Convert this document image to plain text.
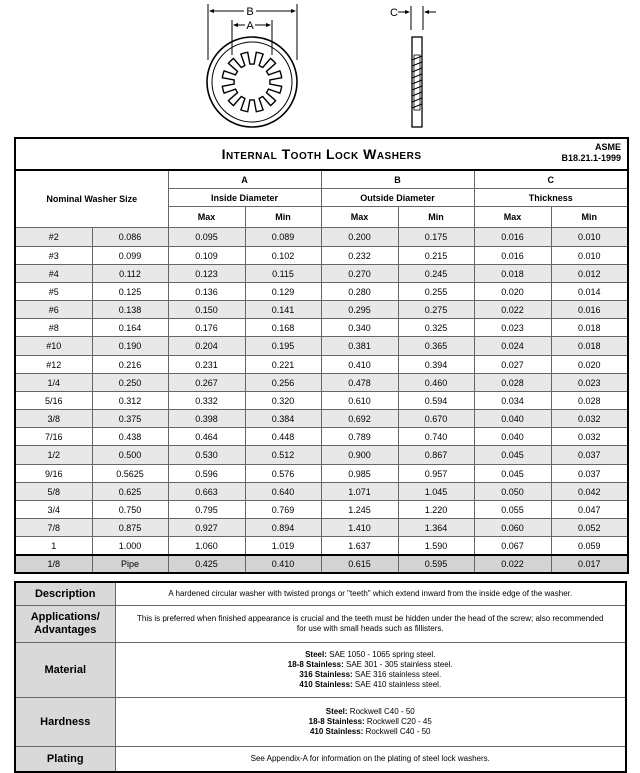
B
A
C
Internal Tooth Lock Washers ASME
B18.21.1-1999							

Nominal Washer Size		A		B		C	
		Inside Diameter		Outside Diameter		Thickness	
		Max	Min	Max	Min	Max	Min
#2	0.086	0.095	0.089	0.200	0.175	0.016	0.010
#3	0.099	0.109	0.102	0.232	0.215	0.016	0.010
#4	0.112	0.123	0.115	0.270	0.245	0.018	0.012
#5	0.125	0.136	0.129	0.280	0.255	0.020	0.014
#6	0.138	0.150	0.141	0.295	0.275	0.022	0.016
#8	0.164	0.176	0.168	0.340	0.325	0.023	0.018
#10	0.190	0.204	0.195	0.381	0.365	0.024	0.018
#12	0.216	0.231	0.221	0.410	0.394	0.027	0.020
1/4	0.250	0.267	0.256	0.478	0.460	0.028	0.023
5/16	0.312	0.332	0.320	0.610	0.594	0.034	0.028
3/8	0.375	0.398	0.384	0.692	0.670	0.040	0.032
7/16	0.438	0.464	0.448	0.789	0.740	0.040	0.032
1/2	0.500	0.530	0.512	0.900	0.867	0.045	0.037
9/16	0.5625	0.596	0.576	0.985	0.957	0.045	0.037
5/8	0.625	0.663	0.640	1.071	1.045	0.050	0.042
3/4	0.750	0.795	0.769	1.245	1.220	0.055	0.047
7/8	0.875	0.927	0.894	1.410	1.364	0.060	0.052
1	1.000	1.060	1.019	1.637	1.590	0.067	0.059
1/8	Pipe	0.425	0.410	0.615	0.595	0.022	0.017
Description	A hardened circular washer with twisted prongs or "teeth" which extend inward from the inside edge of the washer.

Applications/ Advantages	This is preferred when finished appearance is crucial and the teeth must be hidden under the head of the screw; also recommended
for use with small heads such as fillisters.

Material	Steel: SAE 1050 - 1065 spring steel.
18-8 Stainless: SAE 301 - 305 stainless steel.
316 Stainless: SAE 316 stainless steel.
410 Stainless: SAE 410 stainless steel.

Hardness	Steel: Rockwell C40 - 50
18-8 Stainless: Rockwell C20 - 45
410 Stainless: Rockwell C40 - 50

Plating	See Appendix-A for information on the plating of steel lock washers.
